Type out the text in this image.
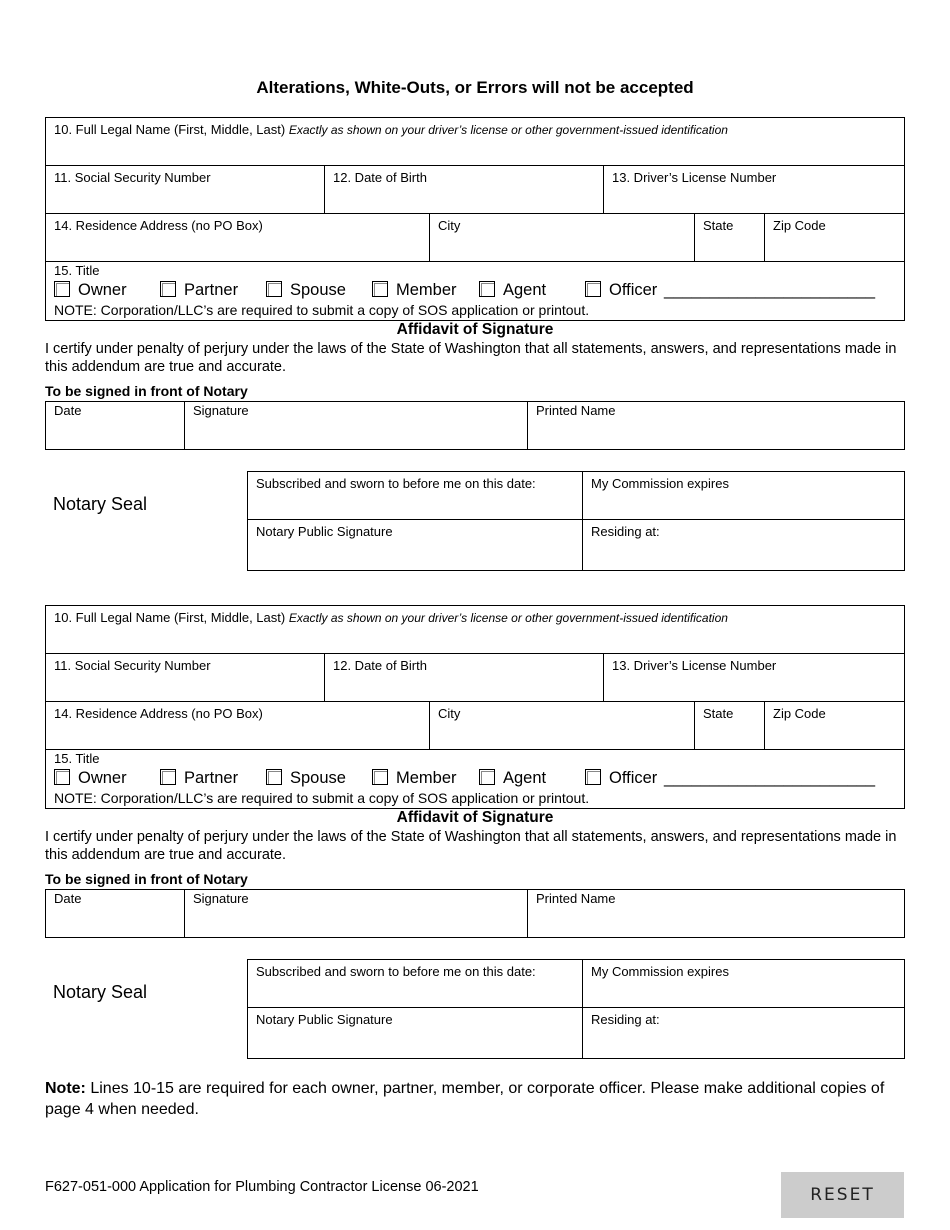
Alterations, White-Outs, or Errors will not be accepted
10. Full Legal Name (First, Middle, Last) Exactly as shown on your driver’s license or other government-issued identification
11. Social Security Number	12. Date of Birth	13. Driver’s License Number
14. Residence Address (no PO Box)	City	State	Zip Code
15. Title
Owner	Partner	Spouse	Member	Agent	Officer _______________________
NOTE: Corporation/LLC’s are required to submit a copy of SOS application or printout.
Affidavit of Signature
I certify under penalty of perjury under the laws of the State of Washington that all statements, answers, and representations made in this addendum are true and accurate.
To be signed in front of Notary
Date	Signature	Printed Name
Notary Seal
Subscribed and sworn to before me on this date:	My Commission expires
Notary Public Signature	Residing at:
10. Full Legal Name (First, Middle, Last) Exactly as shown on your driver’s license or other government-issued identification
11. Social Security Number	12. Date of Birth	13. Driver’s License Number
14. Residence Address (no PO Box)	City	State	Zip Code
15. Title
Owner	Partner	Spouse	Member	Agent	Officer _______________________
NOTE: Corporation/LLC’s are required to submit a copy of SOS application or printout.
Affidavit of Signature
I certify under penalty of perjury under the laws of the State of Washington that all statements, answers, and representations made in this addendum are true and accurate.
To be signed in front of Notary
Date	Signature	Printed Name
Notary Seal
Subscribed and sworn to before me on this date:	My Commission expires
Notary Public Signature	Residing at:
Note: Lines 10-15 are required for each owner, partner, member, or corporate officer. Please make additional copies of page 4 when needed.
F627-051-000 Application for Plumbing Contractor License 06-2021	RESET
